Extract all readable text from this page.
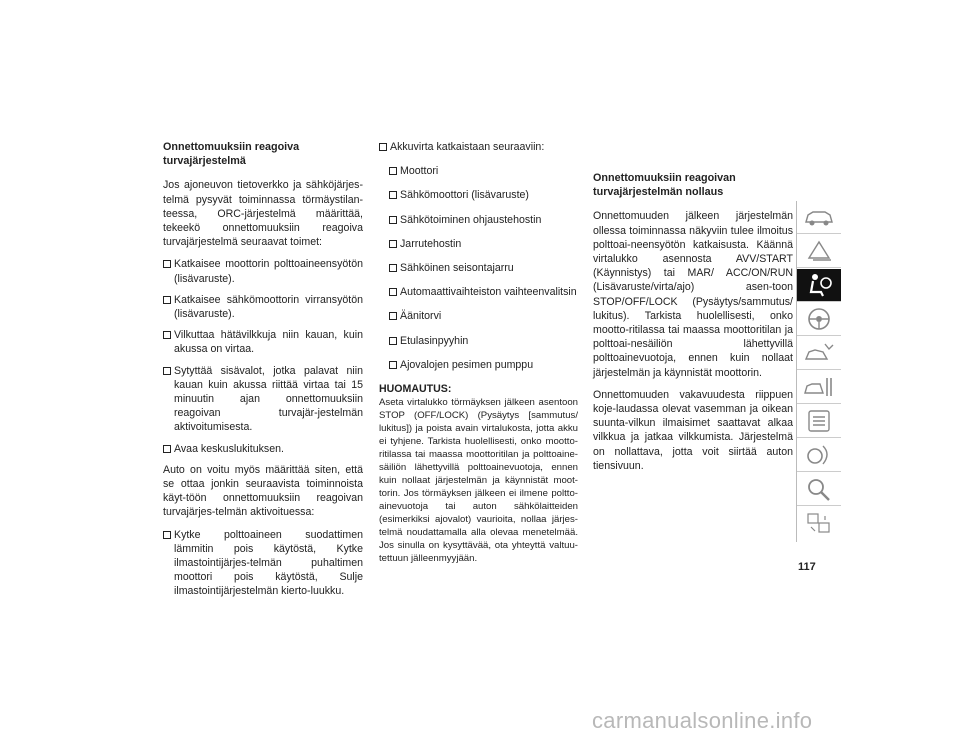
Onnettomuuksiin reagoiva turvajärjestelmä
Jos ajoneuvon tietoverkko ja sähköjärjes-telmä pysyvät toiminnassa törmäystilan-teessa, ORC-järjestelmä määrittää, tekeekö onnettomuuksiin reagoiva turvajärjestelmä seuraavat toimet:
Katkaisee moottorin polttoaineensyötön (lisävaruste).
Katkaisee sähkömoottorin virransyötön (lisävaruste).
Vilkuttaa hätävilkkuja niin kauan, kuin akussa on virtaa.
Sytyttää sisävalot, jotka palavat niin kauan kuin akussa riittää virtaa tai 15 minuutin ajan onnettomuuksiin reagoivan turvajär-jestelmän aktivoitumisesta.
Avaa keskuslukituksen.
Auto on voitu myös määrittää siten, että se ottaa jonkin seuraavista toiminnoista käyt-töön onnettomuuksiin reagoivan turvajärjes-telmän aktivoituessa:
Kytke polttoaineen suodattimen lämmitin pois käytöstä, Kytke ilmastointijärjes-telmän puhaltimen moottori pois käytöstä, Sulje ilmastointijärjestelmän kierto-luukku.
Akkuvirta katkaistaan seuraaviin:
Moottori
Sähkömoottori (lisävaruste)
Sähkötoiminen ohjaustehostin
Jarrutehostin
Sähköinen seisontajarru
Automaattivaihteiston vaihteenvalitsin
Äänitorvi
Etulasinpyyhin
Ajovalojen pesimen pumppu
HUOMAUTUS:
Aseta virtalukko törmäyksen jälkeen asentoon STOP (OFF/LOCK) (Pysäytys [sammutus/ lukitus]) ja poista avain virtalukosta, jotta akku ei tyhjene. Tarkista huolellisesti, onko mootto-ritilassa tai maassa moottoritilan ja polttoaine-säiliön lähettyvillä polttoainevuotoja, ennen kuin nollaat järjestelmän ja käynnistät moot-torin. Jos törmäyksen jälkeen ei ilmene poltto-ainevuotoja tai auton sähkölaitteiden (esimerkiksi ajovalot) vaurioita, nollaa järjes-telmä noudattamalla alla olevaa menetelmää. Jos sinulla on kysyttävää, ota yhteyttä valtuu-tettuun jälleenmyyjään.
Onnettomuuksiin reagoivan
turvajärjestelmän nollaus
Onnettomuuden jälkeen järjestelmän ollessa toiminnassa näkyviin tulee ilmoitus polttoai-neensyötön katkaisusta. Käännä virtalukko asennosta AVV/START (Käynnistys) tai MAR/ ACC/ON/RUN (Lisävaruste/virta/ajo) asen-toon STOP/OFF/LOCK (Pysäytys/sammutus/ lukitus). Tarkista huolellisesti, onko mootto-ritilassa tai maassa moottoritilan ja polttoai-nesäiliön lähettyvillä polttoainevuotoja, ennen kuin nollaat järjestelmän ja käynnistät moottorin.
Onnettomuuden vakavuudesta riippuen koje-laudassa olevat vasemman ja oikean suunta-vilkun ilmaisimet saattavat alkaa vilkkua ja jatkaa vilkkumista. Järjestelmä on nollattava, jotta voit siirtää auton tiensivuun.
117
carmanualsonline.info
